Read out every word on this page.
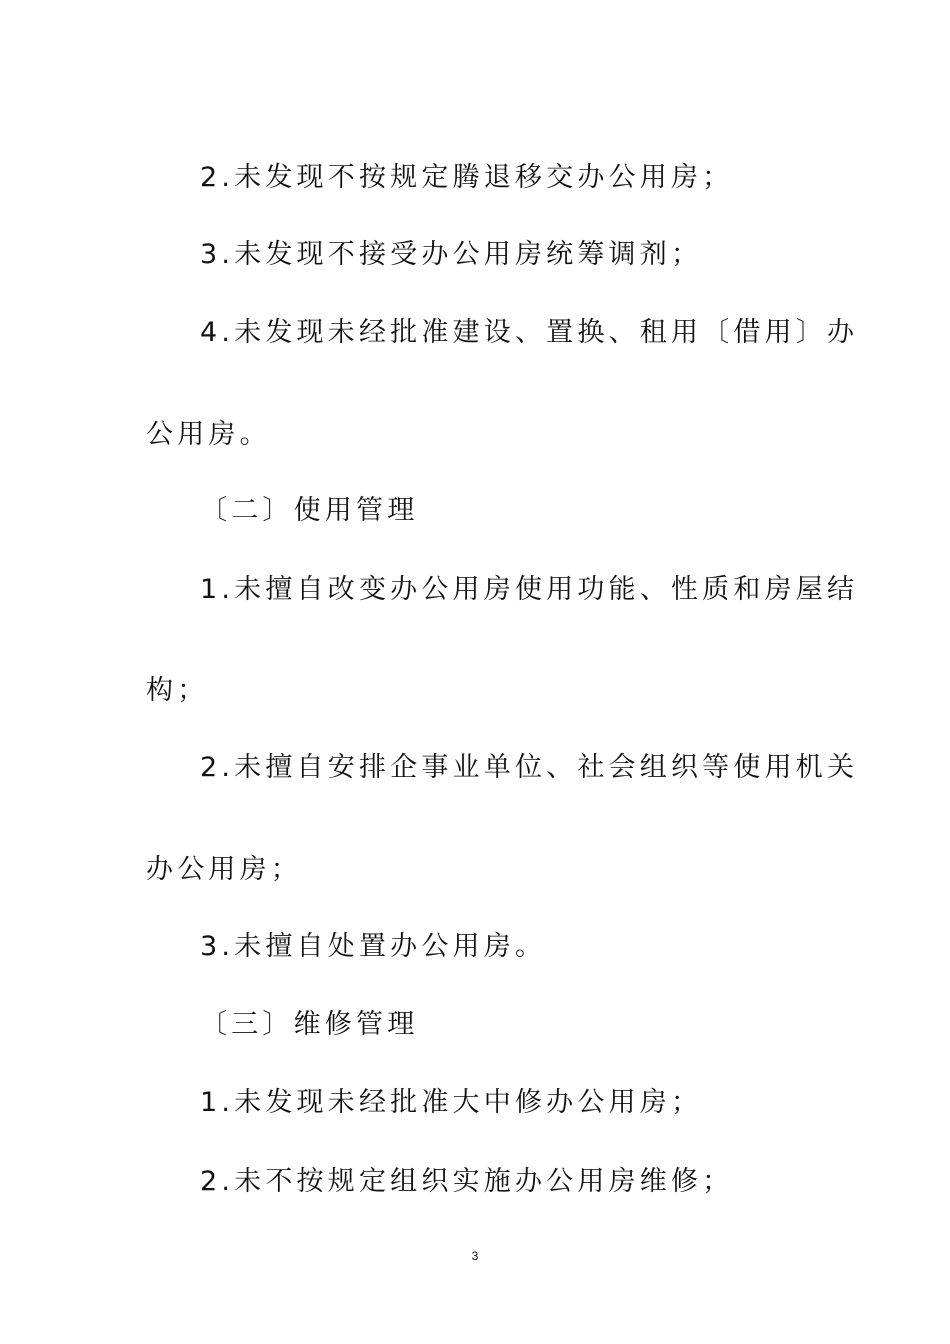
2.未发现不按规定腾退移交办公用房；

3.未发现不接受办公用房统筹调剂；

4.未发现未经批准建设、置换、租用〔借用〕办

公用房。

〔二〕使用管理

1.未擅自改变办公用房使用功能、性质和房屋结

构；

2.未擅自安排企事业单位、社会组织等使用机关

办公用房；

3.未擅自处置办公用房。

〔三〕维修管理

1.未发现未经批准大中修办公用房；

2.未不按规定组织实施办公用房维修；

3
